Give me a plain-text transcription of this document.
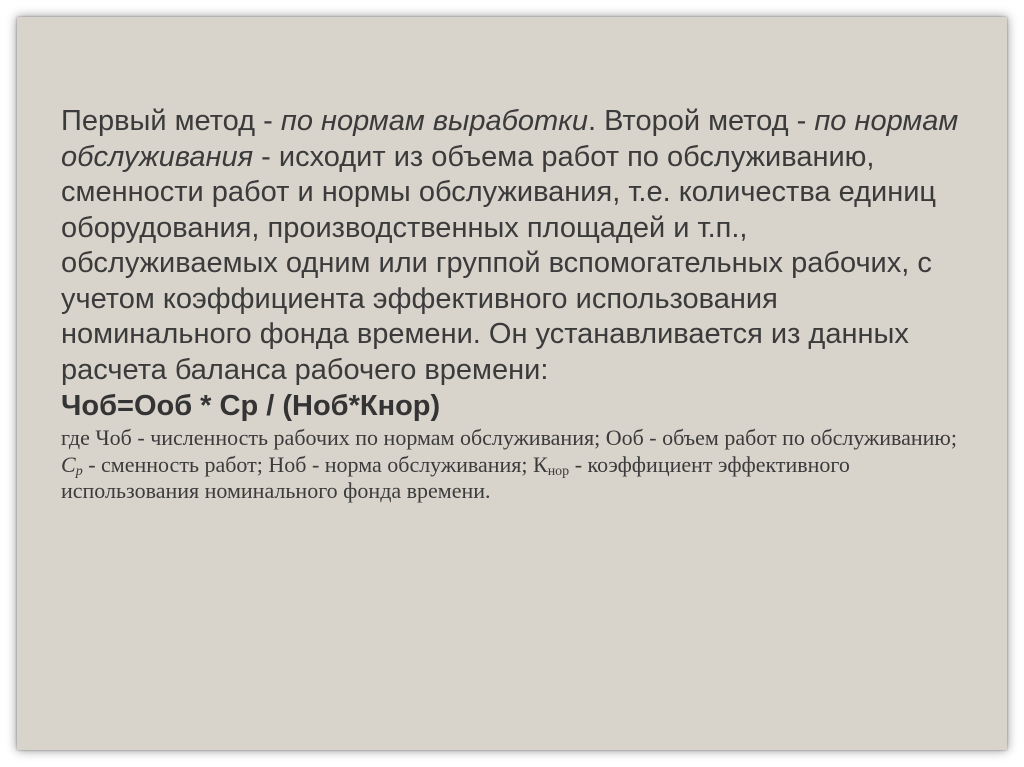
Первый метод - по нормам выработки. Второй метод - по нормам обслуживания - исходит из объема работ по обслуживанию, сменности работ и нормы обслуживания, т.е. количества единиц оборудования, производственных площадей и т.п., обслуживаемых одним или группой вспомогательных рабочих, с учетом коэффициента эффективного использования номинального фонда времени. Он устанавливается из данных расчета баланса рабочего времени:

Чоб=Ооб * Ср / (Ноб*Кнор)

где Чоб - численность рабочих по нормам обслуживания; Ооб - объем работ по обслуживанию; $С_р$ - сменность работ; Ноб - норма обслуживания; $К_{нор}$ - коэффициент эффективного использования номинального фонда времени.
